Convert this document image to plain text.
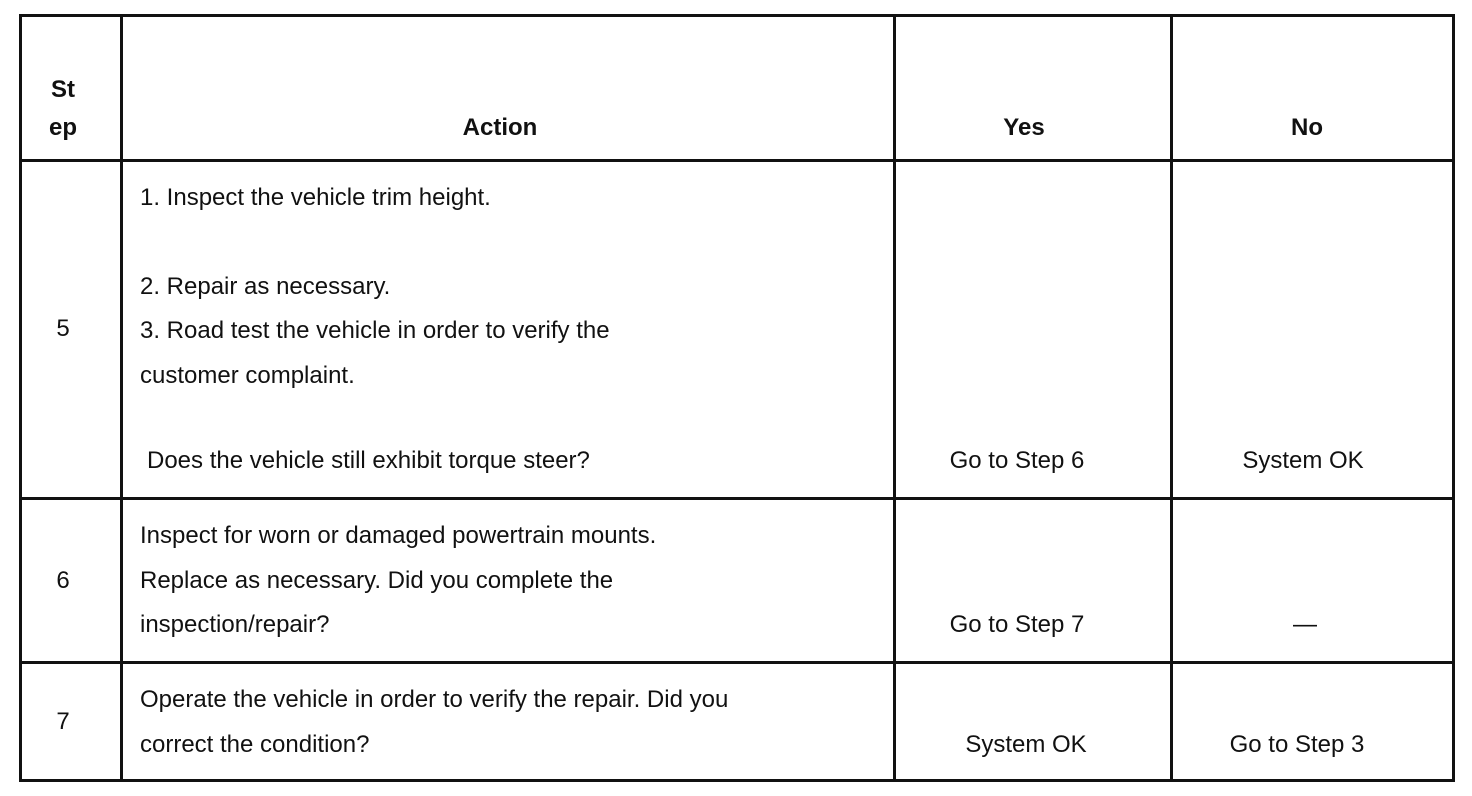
St
ep	Action	Yes	No
5
1. Inspect the vehicle trim height.
2. Repair as necessary.
3. Road test the vehicle in order to verify the
customer complaint.
Does the vehicle still exhibit torque steer?	Go to Step 6	System OK
6
Inspect for worn or damaged powertrain mounts.
Replace as necessary. Did you complete the
inspection/repair?	Go to Step 7	—
7
Operate the vehicle in order to verify the repair. Did you
correct the condition?	System OK	Go to Step 3
